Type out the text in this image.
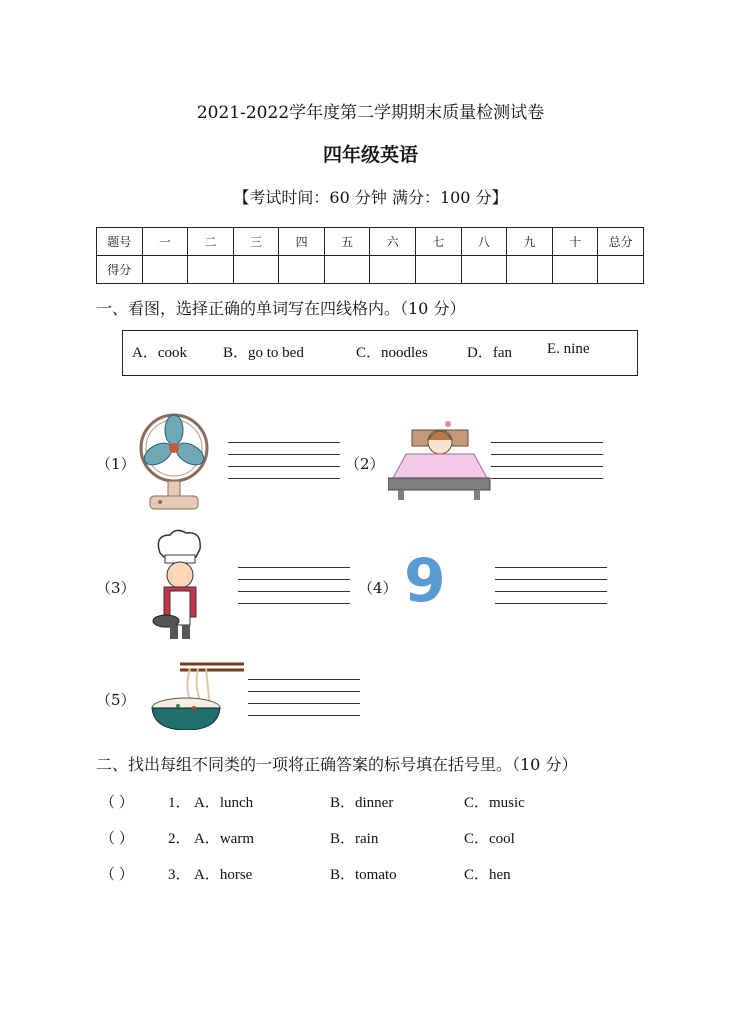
2021-2022学年度第二学期期末质量检测试卷
四年级英语
【考试时间：60 分钟 满分：100 分】
题号	一	二	三	四	五	六	七	八	九	十	总分
得分											
一、看图，选择正确的单词写在四线格内。（10 分）
A．cook B．go to bed	C．noodles	D．fan E. nine
（1）	（2）
（3）	（4） 9
（5）
二、找出每组不同类的一项将正确答案的标号填在括号里。（10 分）
（ ） 1． A．lunch	B．dinner	C．music
（ ） 2． A．warm	B．rain	C．cool
（ ） 3． A．horse	B．tomato	C．hen
